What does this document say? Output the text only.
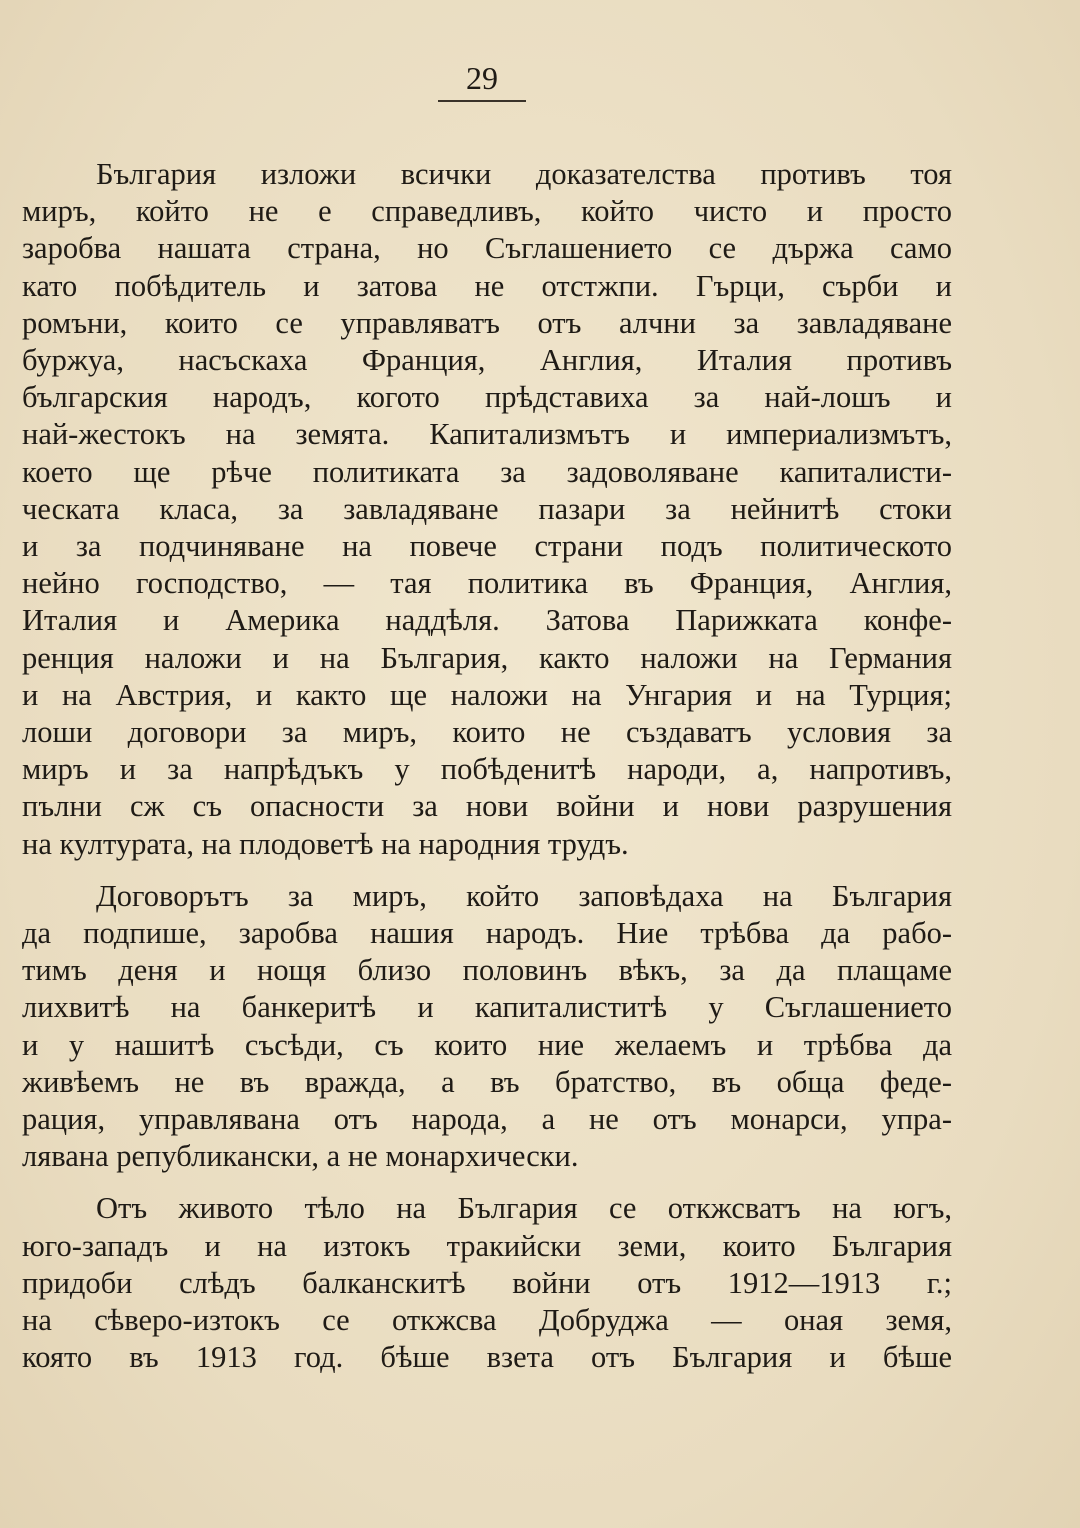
29

България изложи всички доказателства противъ тоя
миръ, който не е справедливъ, който чисто и просто
заробва нашата страна, но Съглашението се държа само
като побѣдитель и затова не отстжпи. Гърци, сърби и
ромъни, които се управляватъ отъ алчни за завладяване
буржуа, насъскаха Франция, Англия, Италия противъ
българския народъ, когото прѣдставиха за най-лошъ и
най-жестокъ на земята. Капитализмътъ и империализмътъ,
което ще рѣче политиката за задоволяване капиталисти-
ческата класа, за завладяване пазари за нейнитѣ стоки
и за подчиняване на повече страни подъ политическото
нейно господство, — тая политика въ Франция, Англия,
Италия и Америка наддѣля. Затова Парижката конфе-
ренция наложи и на България, както наложи на Германия
и на Австрия, и както ще наложи на Унгария и на Турция;
лоши договори за миръ, които не създаватъ условия за
миръ и за напрѣдъкъ у побѣденитѣ народи, а, напротивъ,
пълни сж съ опасности за нови войни и нови разрушения
на културата, на плодоветѣ на народния трудъ.

Договорътъ за миръ, който заповѣдаха на България
да подпише, заробва нашия народъ. Ние трѣбва да рабо-
тимъ деня и нощя близо половинъ вѣкъ, за да плащаме
лихвитѣ на банкеритѣ и капиталиститѣ у Съглашението
и у нашитѣ съсѣди, съ които ние желаемъ и трѣбва да
живѣемъ не въ вражда, а въ братство, въ обща феде-
рация, управлявана отъ народа, а не отъ монарси, упра-
лявана републикански, а не монархически.

Отъ живото тѣло на България се откжсватъ на югъ,
юго-западъ и на изтокъ тракийски земи, които България
придоби слѣдъ балканскитѣ войни отъ 1912—1913 г.;
на сѣверо-изтокъ се откжсва Добруджа — оная земя,
която въ 1913 год. бѣше взета отъ България и бѣше
